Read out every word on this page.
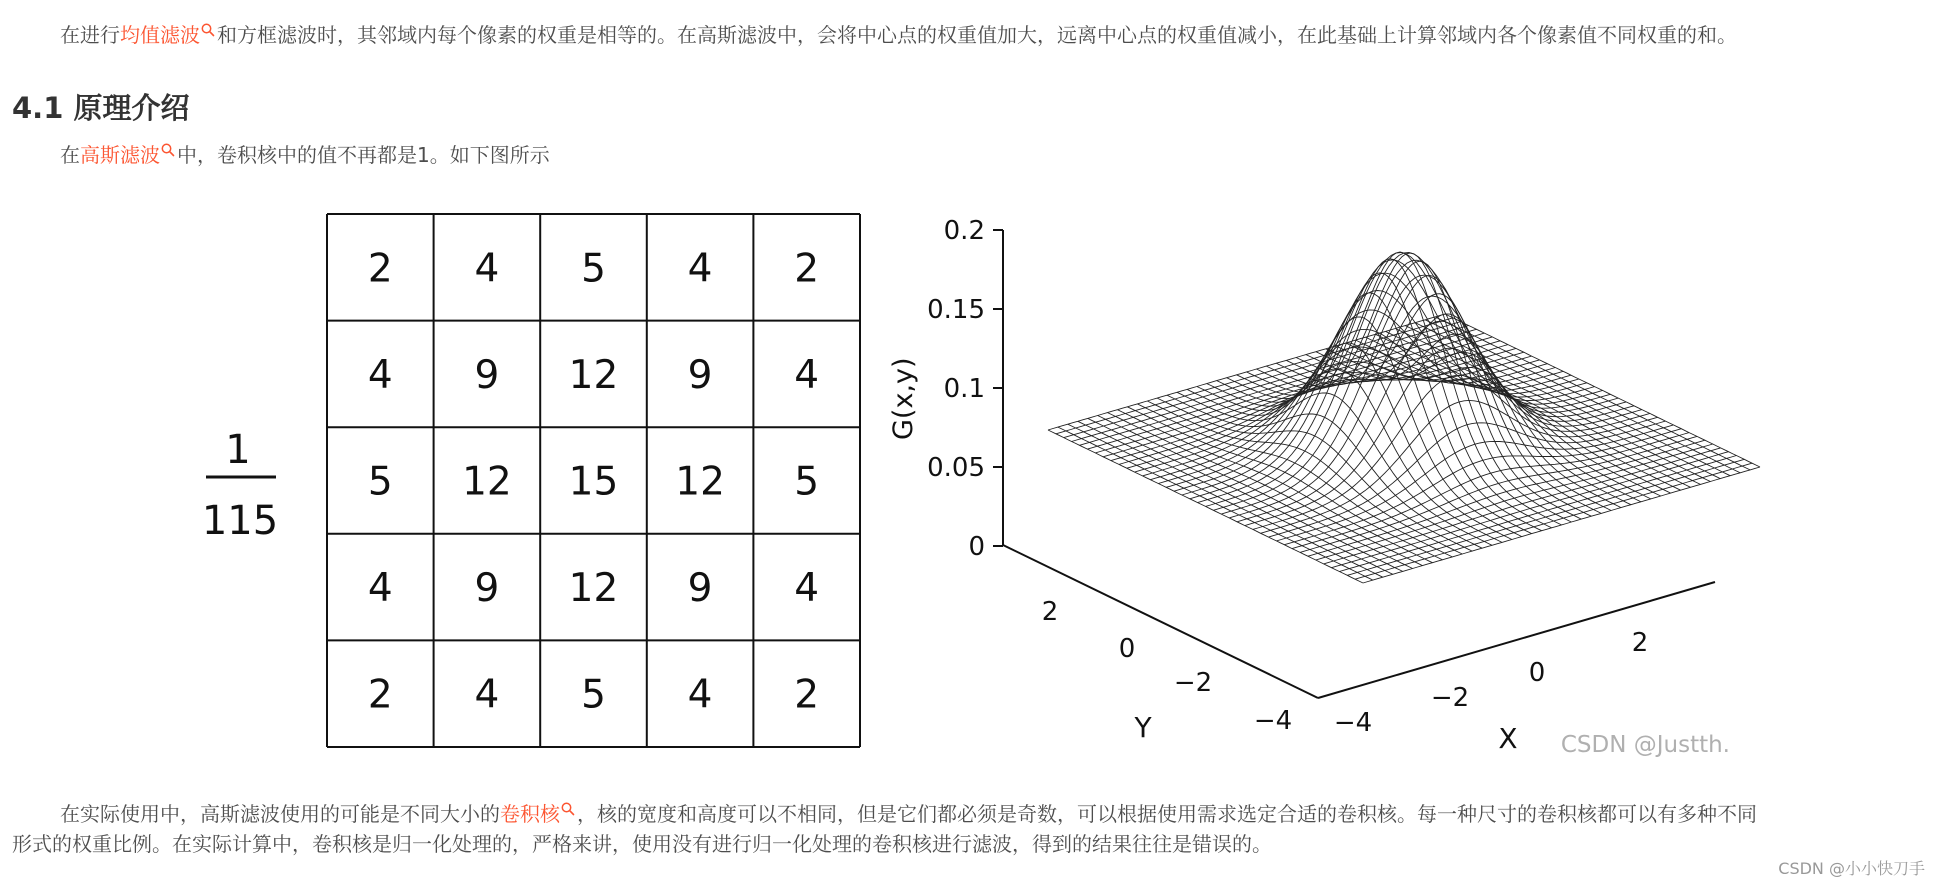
在进行均值滤波 和方框滤波时，其邻域内每个像素的权重是相等的。在高斯滤波中，会将中心点的权重值加大，远离中心点的权重值减小，在此基础上计算邻域内各个像素值不同权重的和。
4.1 原理介绍
在高斯滤波 中，卷积核中的值不再都是1。如下图所示
1
115
2 4 5 4 2
4 9 12 9 4
5 12 15 12 5
4 9 12 9 4
2 4 5 4 2
0.2
0.15
0.1
0.05
0
2
0
−2
−4 −4
−2
0
2
G(x,y)
Y	X CSDN @Justth.
在实际使用中，高斯滤波使用的可能是不同大小的卷积核 ，核的宽度和高度可以不相同，但是它们都必须是奇数，可以根据使用需求选定合适的卷积核。每一种尺寸的卷积核都可以有多种不同
形式的权重比例。在实际计算中，卷积核是归一化处理的，严格来讲，使用没有进行归一化处理的卷积核进行滤波，得到的结果往往是错误的。
CSDN @小小快刀手
